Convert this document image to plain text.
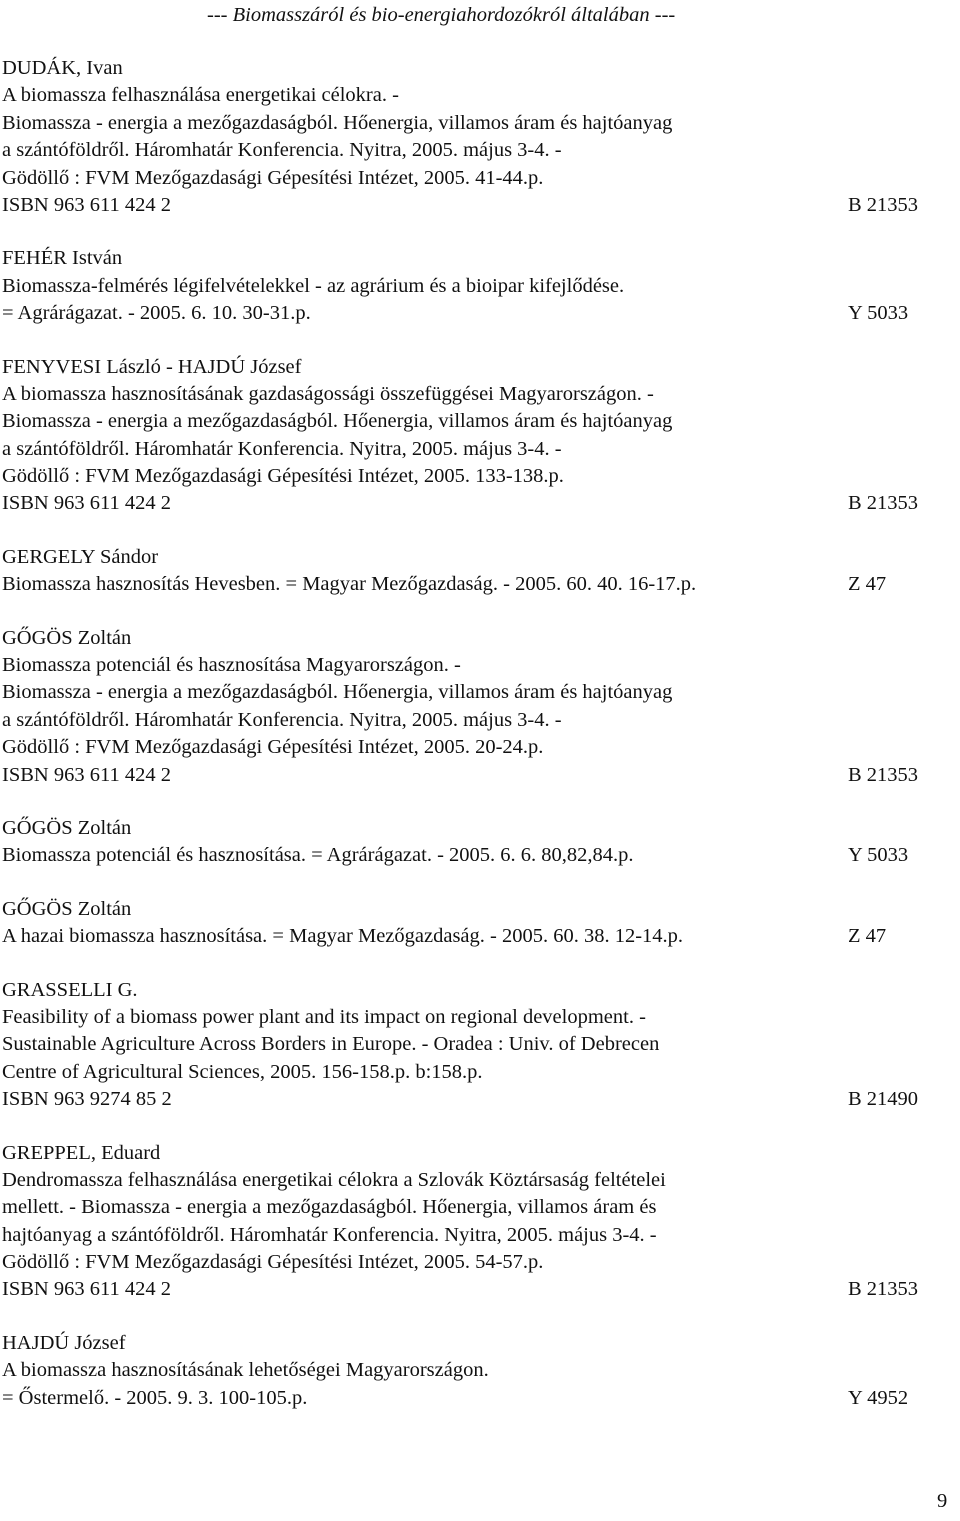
--- Biomasszáról és bio-energiahordozókról általában ---
DUDÁK, Ivan
A biomassza felhasználása energetikai célokra. -
Biomassza - energia a mezőgazdaságból. Hőenergia, villamos áram és hajtóanyag
a szántóföldről. Háromhatár Konferencia. Nyitra, 2005. május 3-4. -
Gödöllő : FVM Mezőgazdasági Gépesítési Intézet, 2005. 41-44.p.
ISBN 963 611 424 2	B 21353
FEHÉR István
Biomassza-felmérés légifelvételekkel - az agrárium és a bioipar kifejlődése.
= Agrárágazat. - 2005. 6. 10. 30-31.p.	Y 5033
FENYVESI László - HAJDÚ József
A biomassza hasznosításának gazdaságossági összefüggései Magyarországon. -
Biomassza - energia a mezőgazdaságból. Hőenergia, villamos áram és hajtóanyag
a szántóföldről. Háromhatár Konferencia. Nyitra, 2005. május 3-4. -
Gödöllő : FVM Mezőgazdasági Gépesítési Intézet, 2005. 133-138.p.
ISBN 963 611 424 2	B 21353
GERGELY Sándor
Biomassza hasznosítás Hevesben. = Magyar Mezőgazdaság. - 2005. 60. 40. 16-17.p.	Z 47
GŐGÖS Zoltán
Biomassza potenciál és hasznosítása Magyarországon. -
Biomassza - energia a mezőgazdaságból. Hőenergia, villamos áram és hajtóanyag
a szántóföldről. Háromhatár Konferencia. Nyitra, 2005. május 3-4. -
Gödöllő : FVM Mezőgazdasági Gépesítési Intézet, 2005. 20-24.p.
ISBN 963 611 424 2	B 21353
GŐGÖS Zoltán
Biomassza potenciál és hasznosítása. = Agrárágazat. - 2005. 6. 6. 80,82,84.p.	Y 5033
GŐGÖS Zoltán
A hazai biomassza hasznosítása. = Magyar Mezőgazdaság. - 2005. 60. 38. 12-14.p.	Z 47
GRASSELLI G.
Feasibility of a biomass power plant and its impact on regional development. -
Sustainable Agriculture Across Borders in Europe. - Oradea : Univ. of Debrecen
Centre of Agricultural Sciences, 2005. 156-158.p. b:158.p.
ISBN 963 9274 85 2	B 21490
GREPPEL, Eduard
Dendromassza felhasználása energetikai célokra a Szlovák Köztársaság feltételei
mellett. - Biomassza - energia a mezőgazdaságból. Hőenergia, villamos áram és
hajtóanyag a szántóföldről. Háromhatár Konferencia. Nyitra, 2005. május 3-4. -
Gödöllő : FVM Mezőgazdasági Gépesítési Intézet, 2005. 54-57.p.
ISBN 963 611 424 2	B 21353
HAJDÚ József
A biomassza hasznosításának lehetőségei Magyarországon.
= Őstermelő. - 2005. 9. 3. 100-105.p.	Y 4952
9
